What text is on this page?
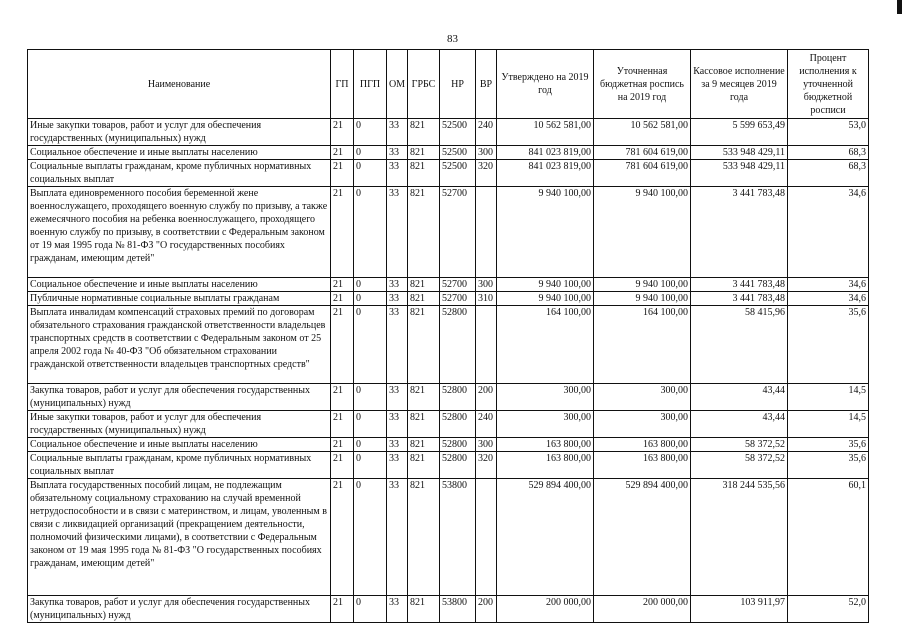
83
Наименование	ГП	ПГП	ОМ	ГРБС	НР	ВР	Утверждено на 2019 год	Уточненная бюджетная роспись на 2019 год	Кассовое исполнение за 9 месяцев 2019 года	Процент исполнения к уточненной бюджетной росписи
Иные закупки товаров, работ и услуг для обеспечения государственных (муниципальных) нужд	21	0	33	821	52500	240	10 562 581,00	10 562 581,00	5 599 653,49	53,0
Социальное обеспечение и иные выплаты населению	21	0	33	821	52500	300	841 023 819,00	781 604 619,00	533 948 429,11	68,3
Социальные выплаты гражданам, кроме публичных нормативных социальных выплат	21	0	33	821	52500	320	841 023 819,00	781 604 619,00	533 948 429,11	68,3
Выплата единовременного пособия беременной жене военнослужащего, проходящего военную службу по призыву, а также ежемесячного пособия на ребенка военнослужащего, проходящего военную службу по призыву, в соответствии с Федеральным законом от 19 мая 1995 года № 81-ФЗ "О государственных пособиях гражданам, имеющим детей"	21	0	33	821	52700		9 940 100,00	9 940 100,00	3 441 783,48	34,6
Социальное обеспечение и иные выплаты населению	21	0	33	821	52700	300	9 940 100,00	9 940 100,00	3 441 783,48	34,6
Публичные нормативные социальные выплаты гражданам	21	0	33	821	52700	310	9 940 100,00	9 940 100,00	3 441 783,48	34,6
Выплата инвалидам компенсаций страховых премий по договорам обязательного страхования гражданской ответственности владельцев транспортных средств в соответствии с Федеральным законом от 25 апреля 2002 года № 40-ФЗ "Об обязательном страховании гражданской ответственности владельцев транспортных средств"	21	0	33	821	52800		164 100,00	164 100,00	58 415,96	35,6
Закупка товаров, работ и услуг для обеспечения государственных (муниципальных) нужд	21	0	33	821	52800	200	300,00	300,00	43,44	14,5
Иные закупки товаров, работ и услуг для обеспечения государственных (муниципальных) нужд	21	0	33	821	52800	240	300,00	300,00	43,44	14,5
Социальное обеспечение и иные выплаты населению	21	0	33	821	52800	300	163 800,00	163 800,00	58 372,52	35,6
Социальные выплаты гражданам, кроме публичных нормативных социальных выплат	21	0	33	821	52800	320	163 800,00	163 800,00	58 372,52	35,6
Выплата государственных пособий лицам, не подлежащим обязательному социальному страхованию на случай временной нетрудоспособности и в связи с материнством, и лицам, уволенным в связи с ликвидацией организаций (прекращением деятельности, полномочий физическими лицами), в соответствии с Федеральным законом от 19 мая 1995 года № 81-ФЗ "О государственных пособиях гражданам, имеющим детей"	21	0	33	821	53800		529 894 400,00	529 894 400,00	318 244 535,56	60,1
Закупка товаров, работ и услуг для обеспечения государственных (муниципальных) нужд	21	0	33	821	53800	200	200 000,00	200 000,00	103 911,97	52,0
